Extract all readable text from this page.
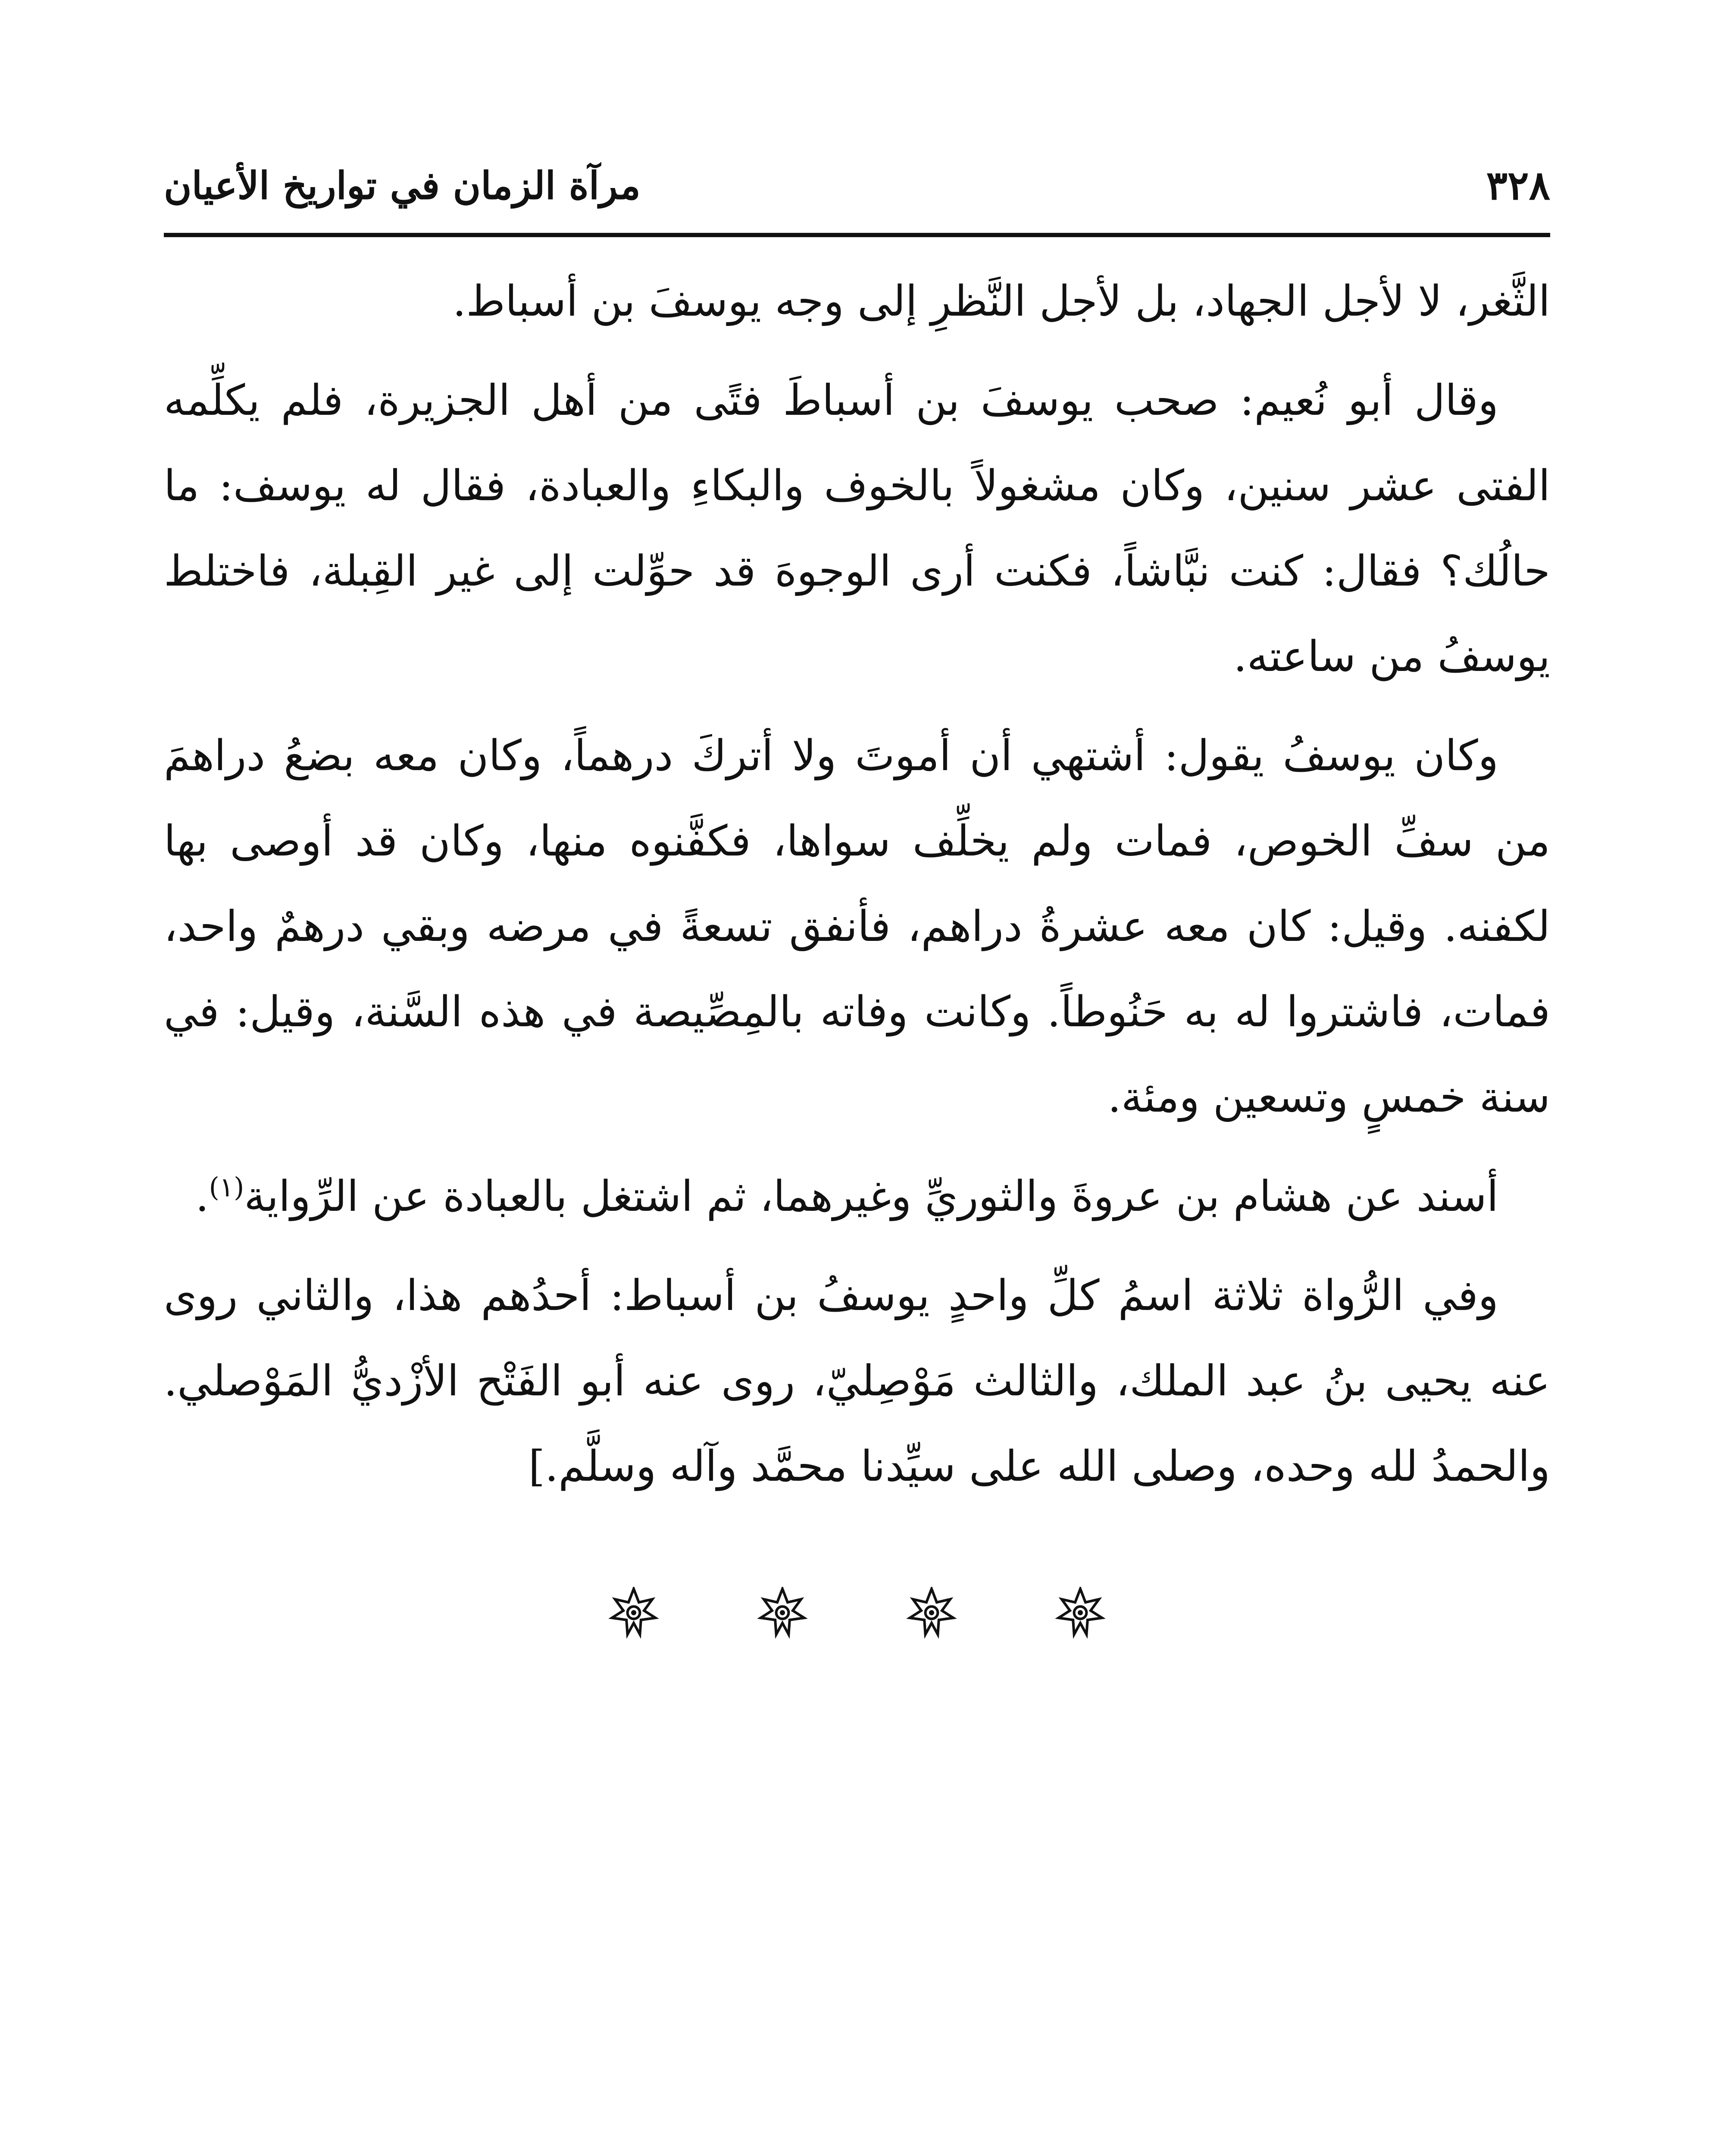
٣٢٨
مرآة الزمان في تواريخ الأعيان

الثَّغر، لا لأجل الجهاد، بل لأجل النَّظرِ إلى وجه يوسفَ بن أسباط.

وقال أبو نُعيم: صحب يوسفَ بن أسباطَ فتًى من أهل الجزيرة، فلم يكلِّمه الفتى عشر سنين، وكان مشغولاً بالخوف والبكاءِ والعبادة، فقال له يوسف: ما حالُك؟ فقال: كنت نبَّاشاً، فكنت أرى الوجوهَ قد حوِّلت إلى غير القِبلة، فاختلط يوسفُ من ساعته.

وكان يوسفُ يقول: أشتهي أن أموتَ ولا أتركَ درهماً، وكان معه بضعُ دراهمَ من سفِّ الخوص، فمات ولم يخلِّف سواها، فكفَّنوه منها، وكان قد أوصى بها لكفنه. وقيل: كان معه عشرةُ دراهم، فأنفق تسعةً في مرضه وبقي درهمٌ واحد، فمات، فاشتروا له به حَنُوطاً. وكانت وفاته بالمِصِّيصة في هذه السَّنة، وقيل: في سنة خمسٍ وتسعين ومئة.

أسند عن هشام بن عروةَ والثوريِّ وغيرهما، ثم اشتغل بالعبادة عن الرِّواية$^{(١)}$.

وفي الرُّواة ثلاثة اسمُ كلِّ واحدٍ يوسفُ بن أسباط: أحدُهم هذا، والثاني روى عنه يحيى بنُ عبد الملك، والثالث مَوْصِليّ، روى عنه أبو الفَتْح الأزْديُّ المَوْصلي. والحمدُ لله وحده، وصلى الله على سيِّدنا محمَّد وآله وسلَّم.]
